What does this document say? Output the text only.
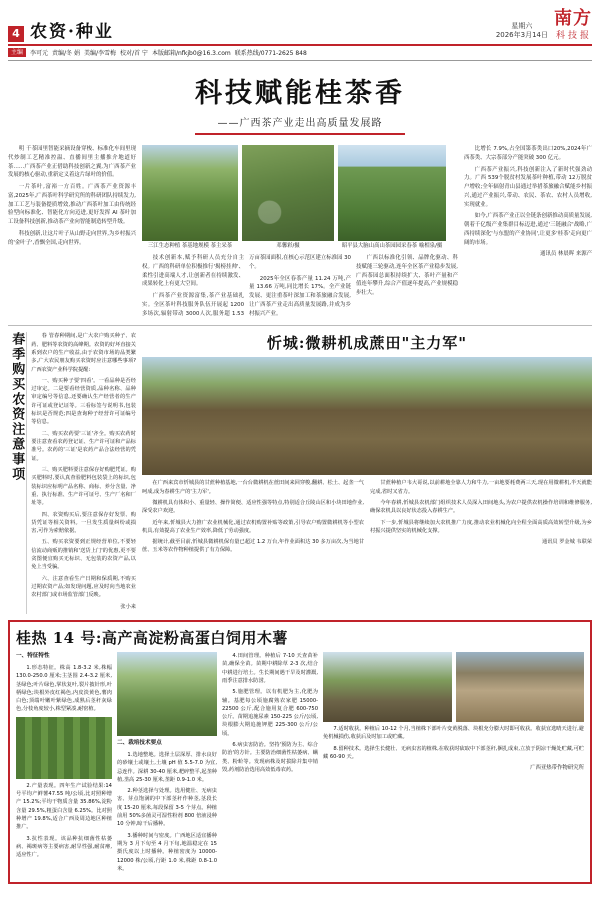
4 农资·种业	星期六
2026年3月14日
南方
科技报
主编	李可元 责编/冬 娟 美编/李雪梅 校对/首 宁 本版邮箱/nfkjb0@16.3.com 联系热线/0771-2625 848
科技赋能桂茶香
——广西茶产业走出高质量发展路

明 千茶园里智能采摘设备穿梭、标准化车间里现代炒制工艺精准控温、直播间里主播推介地道好茶……广西茶产业正借助科技创新之翼,为广西茶产业发展的核心驱动,重新定义着这片绿叶的价值。

一片茶叶,富裕一方百姓。广西茶产业资源丰富,2025年,广西茶叶科学研究所的科研团队持续发力,加工工艺与装备提质增效,推动广西茶叶加工由传统经验型向标准化、智能化方向迈进,更好发挥 AI 茶叶加工设备科技创新,推动茶产业向智能制造转型升级。

科技创新,让这片叶子从山野走向世界,为乡村振兴的'金叶子',香飘全国,走向世界。

三江生态种植 茶基地规模 茶主采茶	邓馨彩/摄	昭平县大脑山高山茶园园采春茶 喻相泉/摄

技术创新本,赋予科研人员充分自主权。广西的科研单位积极推行'揭榜挂帅'、柔性引进高端人才,让创新者在持续激发、成果转化上有更大空间。

广西茶产业资源富集,茶产业基础扎实。全区茶叶科技服务队伍开展起 1200 多场次,辐射带动 3000人次,服务超 1.53 万亩茶园面积,在核心示范区建立标准园 30 个。

2025年全区春茶产量 11.24 万吨,产量 13.66 万吨,同比增长 17%。全产业链发展、更注重茶叶深加工和茶旅融合发展,让广西茶产业走出高质量发展路,并成为乡村振兴产业。

广西以标准化引领、品牌化驱动、科技赋能三轮驱动,连年全区茶产业稳步发展,广西茶园总面积持续扩大、茶叶产量和产值连年攀升,综合产值逐年提高,产业规模稳步壮大。

比增长 7.9%,占全国第茶类出口20%,2024年广西茶类、大宗茶部分产能突破 300 亿元。

广西茶产业振兴,科技创新注入了新时代强劲动力。广西 539个脱贫村发展茶叶种植,带动 12万脱贫户增收;全年辐射青山县通过举措茶旅融合赋能乡村振兴,通过产业振兴,带动、农民、茶农、农村人员增收,实现就业。

如今,广西茶产业正以全链条创新推动高质量发展,朝着千亿级产业集群目标迈进,通过'三链融合'战略,广西持续深化'与东盟的产业协同',让更多'桂茶'走向更广阔的市场。

通讯员 林晨晖 来源产

春季购买农资注意事项	春 管春种期间,是广大农户购买种子、农药、肥料等农资的高峰期。农资的好坏直接关系到农户的生产收益,由于农资市场的品类繁多,广大农民朋友购买农资时应注意哪些事项?广西农资产业科学院提醒:

一、购买种子要'四看'。一看品种是否经过审定。二是要看经营资质,品种名称、品种审定编号等信息,还要确认生产经营者的生产许可证或登记证等。三看标签与说明书,包装标识是否规范;四是查询种子经营许可证编号等信息。

二、购买农药要'三证'齐全。购买农药时要注意查看农药登记证、生产许可证和产品标准号。农药的'三证'是农药产品合法经营的凭证。

三、购买肥料要注意保存好购肥凭证。购买肥料时,要认真查验肥料包装袋上的标识,包装标识应标明产品名称、商标、养分含量、净重、执行标准、生产许可证号、生产厂名和厂址等。

四、农资购买后,要注意保存好发票、购货凭证等相关资料。一旦发生质量纠纷或损害,可作为索赔依据。

五、购买农资要到正规经营单位,不要轻信流动商贩的推销和'送货上门'的优惠,更不要贪图便宜购买无标识、无包装的农资产品,以免上当受骗。

六、注意查看生产日期和保质期,不购买过期农资产品;如发现问题,应及时向当地农业农村部门或市场监管部门反映。

张小来

忻城:微耕机成蔗田"主力军"

在广西来宾市忻城县的甘蔗种植基地,一台台微耕机在蔗田间来回穿梭,翻耕、松土、起垄一气呵成,成为春耕生产的'主力军'。

微耕机具有体积小、重量轻、操作简便、适应性强等特点,特别适合丘陵山区和小块田地作业,深受农户欢迎。

近年来,忻城县大力推广农业机械化,通过农机购置补贴等政策,引导农户购置微耕机等小型农机具,有效提高了农业生产效率,降低了劳动强度。

据统计,截至目前,忻城县微耕机保有量已超过 1.2 万台,年作业面积达 30 多万亩次,为当地甘蔗、玉米等农作物种植提供了有力保障。

甘蔗种植户韦大哥说,以前耕地全靠人力和牛力,一亩地要耗费两三天,现在用微耕机,半天就能完成,省时又省力。

今年春耕,忻城县农机部门组织技术人员深入田间地头,为农户提供农机操作培训和维修服务,确保农机具以良好状态投入春耕生产。

下一步,忻城县将继续加大农机推广力度,推动农业机械化向全程全面高质高效转型升级,为乡村振兴提供坚实的机械化支撑。

通讯员 罗金城 韦联荣

桂热 14 号:高产高淀粉高蛋白饲用木薯

一、特征特性

1.形态特征。株高 1.8-3.2 米,株幅 130.0-250.0 厘米;主茎围 2.4-3.2 厘米,茎绿色;叶片绿色,掌状复叶,裂片披针形,叶柄绿色;块根外皮红褐色,内皮淡黄色,薯肉白色;顶端叶嫩叶紫绿色,成熟后茎秆灰绿色,分枝角度较小,株型紧凑,耐密植。

2.产量表现。四年生产试验结果:14 号平均产鲜薯47.55 吨/公顷,比对照种增产 15.2%;平均干物质含量 35.86%,淀粉含量 29.5%,粗蛋白含量 6.25%。比对照种增产 19.8%,适合广西及周边地区种植推广。

3.抗性表现。该品种抗细菌性枯萎病、褐斑病等主要病害,耐旱性强,耐贫瘠,适应性广。

二、栽培技术要点

1.选地整地。选择土层深厚、排水良好的砂壤土或壤土,土壤 pH 值 5.5-7.0 为宜,忌连作。深耕 30-40 厘米,耙碎整平,起垄种植,垄高 25-30 厘米,垄距 0.9-1.0 米。

2.种茎选择与处理。选用健壮、无病虫害、芽点饱满的中下部茎秆作种茎,茎段长度 15-20 厘米,每段保留 3-5 个芽点。种植前用 50%多菌灵可湿性粉剂 800 倍液浸种 10 分钟,晾干后播种。

3.播种时间与密度。广西地区适宜播种期为 3 月下旬至 4 月下旬,地温稳定在 15 摄氏度以上时播种。种植密度为 10000-12000 株/公顷,行距 1.0 米,株距 0.8-1.0 米。

4.田间管理。种植后 7-10 天查苗补苗,确保全苗。苗期中耕除草 2-3 次,结合中耕进行培土。生长期间遇干旱及时灌溉,雨季注意排水防涝。

5.施肥管理。以有机肥为主,化肥为辅。基肥每公顷施腐熟农家肥 15000-22500 公斤,配合施用复合肥 600-750 公斤。苗期追施尿素 150-225 公斤/公顷,块根膨大期追施钾肥 225-300 公斤/公顷。

6.病虫害防治。坚持'预防为主、综合防治'的方针。主要防治细菌性枯萎病、螨类、粉蚧等。发现病株及时拔除并集中销毁,药剂防治选用高效低毒农药。

7.适时收获。种植后 10-12 个月,当植株下部叶片变黄脱落、块根充分膨大时即可收获。收获宜选晴天进行,避免机械损伤,收获后及时加工或贮藏。

8.留种技术。选择生长健壮、无病虫害的植株,在收获时砍取中下部茎秆,捆扎成束,立放于阴凉干燥处贮藏,可贮藏 60-90 天。

广西亚热带作物研究所
